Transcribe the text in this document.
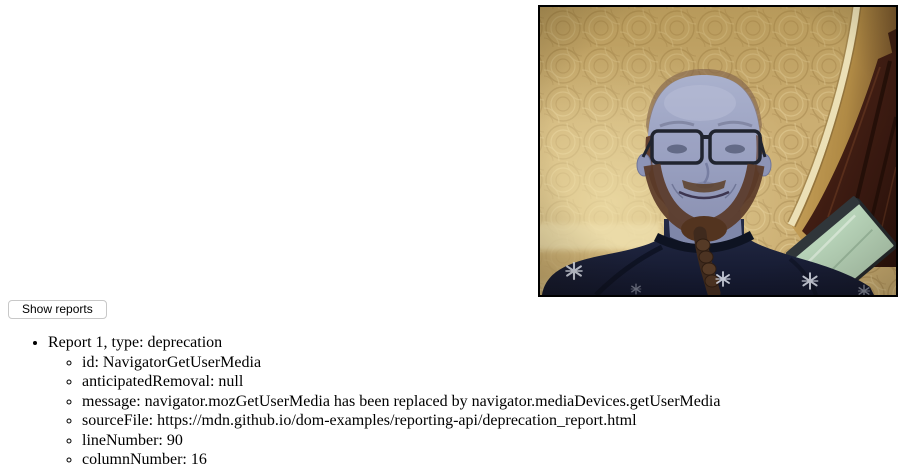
Show reports
• Report 1, type: deprecation
◦ id: NavigatorGetUserMedia
◦ anticipatedRemoval: null
◦ message: navigator.mozGetUserMedia has been replaced by navigator.mediaDevices.getUserMedia
◦ sourceFile: https://mdn.github.io/dom-examples/reporting-api/deprecation_report.html
◦ lineNumber: 90
◦ columnNumber: 16
